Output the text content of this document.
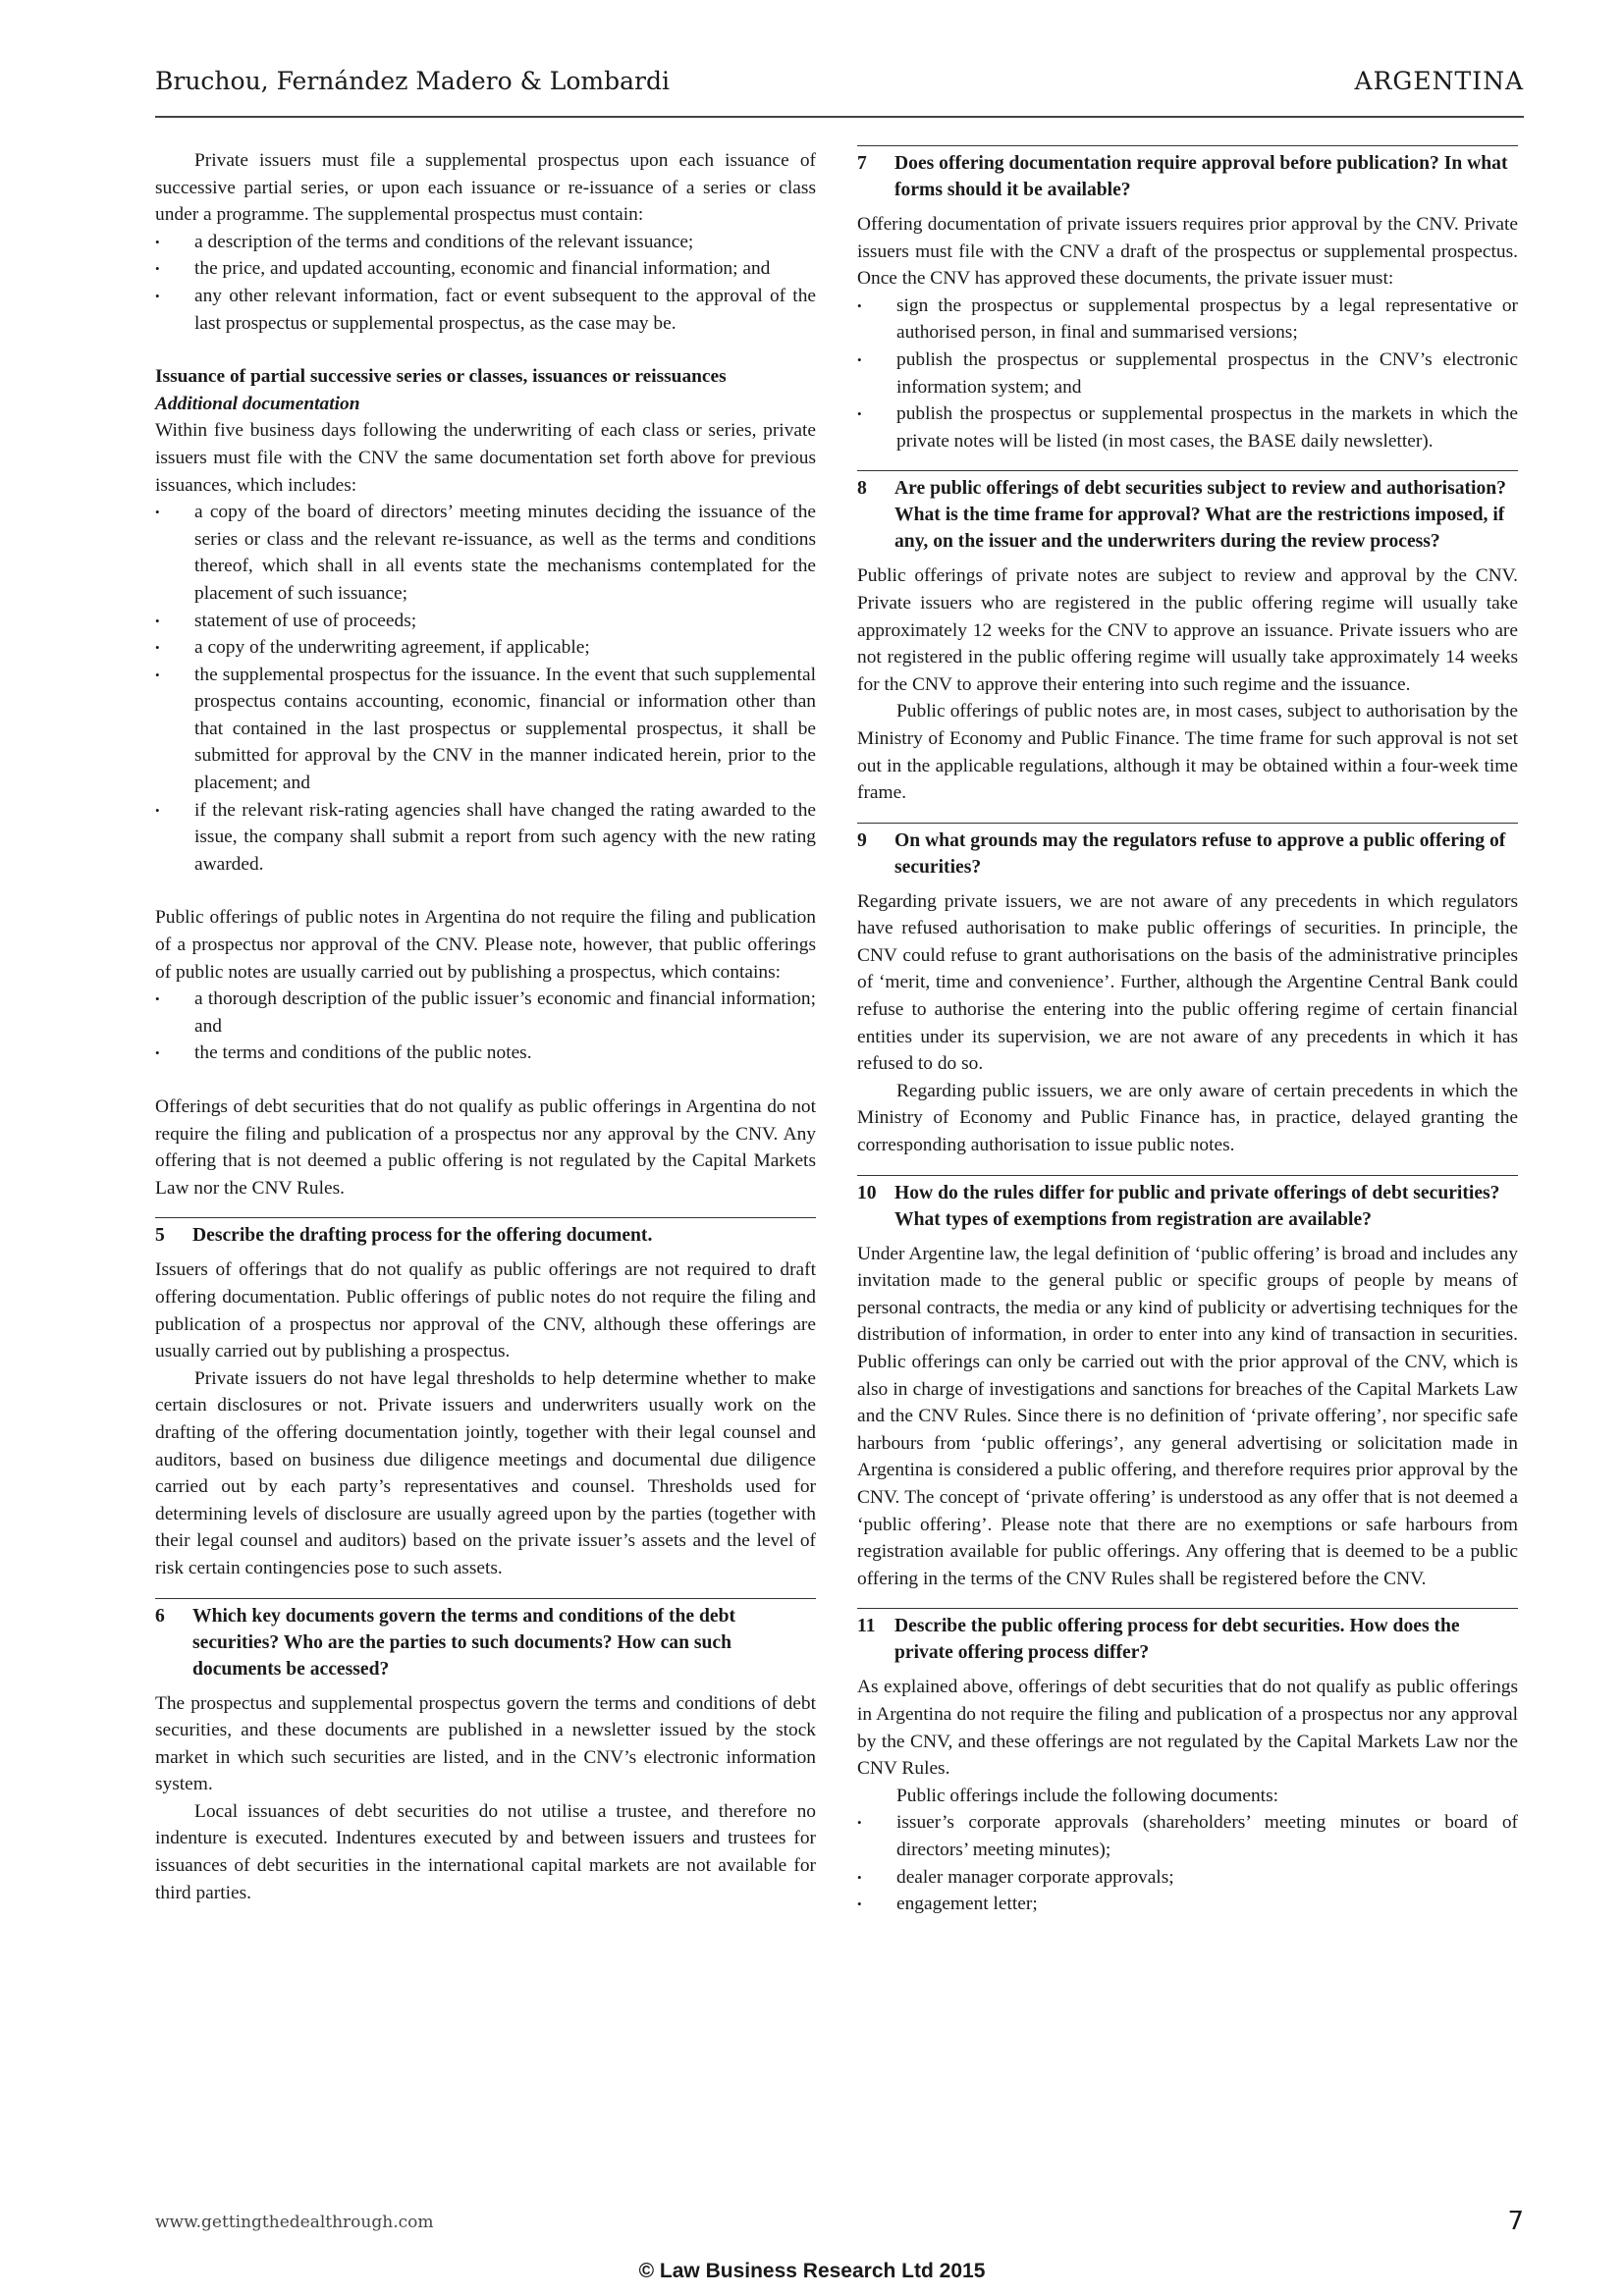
Bruchou, Fernández Madero & Lombardi	ARGENTINA

Private issuers must file a supplemental prospectus upon each issuance of successive partial series, or upon each issuance or re-issuance of a series or class under a programme. The supplemental prospectus must contain:

• a description of the terms and conditions of the relevant issuance;
• the price, and updated accounting, economic and financial information; and
• any other relevant information, fact or event subsequent to the approval of the last prospectus or supplemental prospectus, as the case may be.
Issuance of partial successive series or classes, issuances or reissuances
Additional documentation

Within five business days following the underwriting of each class or series, private issuers must file with the CNV the same documentation set forth above for previous issuances, which includes:

• a copy of the board of directors’ meeting minutes deciding the issuance of the series or class and the relevant re-issuance, as well as the terms and conditions thereof, which shall in all events state the mechanisms contemplated for the placement of such issuance;
• statement of use of proceeds;
• a copy of the underwriting agreement, if applicable;
• the supplemental prospectus for the issuance. In the event that such supplemental prospectus contains accounting, economic, financial or information other than that contained in the last prospectus or supplemental prospectus, it shall be submitted for approval by the CNV in the manner indicated herein, prior to the placement; and
• if the relevant risk-rating agencies shall have changed the rating awarded to the issue, the company shall submit a report from such agency with the new rating awarded.

Public offerings of public notes in Argentina do not require the filing and publication of a prospectus nor approval of the CNV. Please note, however, that public offerings of public notes are usually carried out by publishing a prospectus, which contains:

• a thorough description of the public issuer’s economic and financial information; and
• the terms and conditions of the public notes.

Offerings of debt securities that do not qualify as public offerings in Argentina do not require the filing and publication of a prospectus nor any approval by the CNV. Any offering that is not deemed a public offering is not regulated by the Capital Markets Law nor the CNV Rules.

5	Describe the drafting process for the offering document.

Issuers of offerings that do not qualify as public offerings are not required to draft offering documentation. Public offerings of public notes do not require the filing and publication of a prospectus nor approval of the CNV, although these offerings are usually carried out by publishing a prospectus.

Private issuers do not have legal thresholds to help determine whether to make certain disclosures or not. Private issuers and underwriters usually work on the drafting of the offering documentation jointly, together with their legal counsel and auditors, based on business due diligence meetings and documental due diligence carried out by each party’s representatives and counsel. Thresholds used for determining levels of disclosure are usually agreed upon by the parties (together with their legal counsel and auditors) based on the private issuer’s assets and the level of risk certain contingencies pose to such assets.

6	Which key documents govern the terms and conditions of the debt securities? Who are the parties to such documents? How can such documents be accessed?

The prospectus and supplemental prospectus govern the terms and conditions of debt securities, and these documents are published in a newsletter issued by the stock market in which such securities are listed, and in the CNV’s electronic information system.

Local issuances of debt securities do not utilise a trustee, and therefore no indenture is executed. Indentures executed by and between issuers and trustees for issuances of debt securities in the international capital markets are not available for third parties.

7	Does offering documentation require approval before publication? In what forms should it be available?

Offering documentation of private issuers requires prior approval by the CNV. Private issuers must file with the CNV a draft of the prospectus or supplemental prospectus. Once the CNV has approved these documents, the private issuer must:

• sign the prospectus or supplemental prospectus by a legal representative or authorised person, in final and summarised versions;
• publish the prospectus or supplemental prospectus in the CNV’s electronic information system; and
• publish the prospectus or supplemental prospectus in the markets in which the private notes will be listed (in most cases, the BASE daily newsletter).
8	Are public offerings of debt securities subject to review and authorisation? What is the time frame for approval? What are the restrictions imposed, if any, on the issuer and the underwriters during the review process?

Public offerings of private notes are subject to review and approval by the CNV. Private issuers who are registered in the public offering regime will usually take approximately 12 weeks for the CNV to approve an issuance. Private issuers who are not registered in the public offering regime will usually take approximately 14 weeks for the CNV to approve their entering into such regime and the issuance.

Public offerings of public notes are, in most cases, subject to authorisation by the Ministry of Economy and Public Finance. The time frame for such approval is not set out in the applicable regulations, although it may be obtained within a four-week time frame.

9	On what grounds may the regulators refuse to approve a public offering of securities?

Regarding private issuers, we are not aware of any precedents in which regulators have refused authorisation to make public offerings of securities. In principle, the CNV could refuse to grant authorisations on the basis of the administrative principles of ‘merit, time and convenience’. Further, although the Argentine Central Bank could refuse to authorise the entering into the public offering regime of certain financial entities under its supervision, we are not aware of any precedents in which it has refused to do so.

Regarding public issuers, we are only aware of certain precedents in which the Ministry of Economy and Public Finance has, in practice, delayed granting the corresponding authorisation to issue public notes.

10 How do the rules differ for public and private offerings of debt securities? What types of exemptions from registration are available?

Under Argentine law, the legal definition of ‘public offering’ is broad and includes any invitation made to the general public or specific groups of people by means of personal contracts, the media or any kind of publicity or advertising techniques for the distribution of information, in order to enter into any kind of transaction in securities. Public offerings can only be carried out with the prior approval of the CNV, which is also in charge of investigations and sanctions for breaches of the Capital Markets Law and the CNV Rules. Since there is no definition of ‘private offering’, nor specific safe harbours from ‘public offerings’, any general advertising or solicitation made in Argentina is considered a public offering, and therefore requires prior approval by the CNV. The concept of ‘private offering’ is understood as any offer that is not deemed a ‘public offering’. Please note that there are no exemptions or safe harbours from registration available for public offerings. Any offering that is deemed to be a public offering in the terms of the CNV Rules shall be registered before the CNV.

11 Describe the public offering process for debt securities. How does the private offering process differ?

As explained above, offerings of debt securities that do not qualify as public offerings in Argentina do not require the filing and publication of a prospectus nor any approval by the CNV, and these offerings are not regulated by the Capital Markets Law nor the CNV Rules.

Public offerings include the following documents:

• issuer’s corporate approvals (shareholders’ meeting minutes or board of directors’ meeting minutes);
• dealer manager corporate approvals;
• engagement letter;
www.gettingthedealthrough.com	7
© Law Business Research Ltd 2015
